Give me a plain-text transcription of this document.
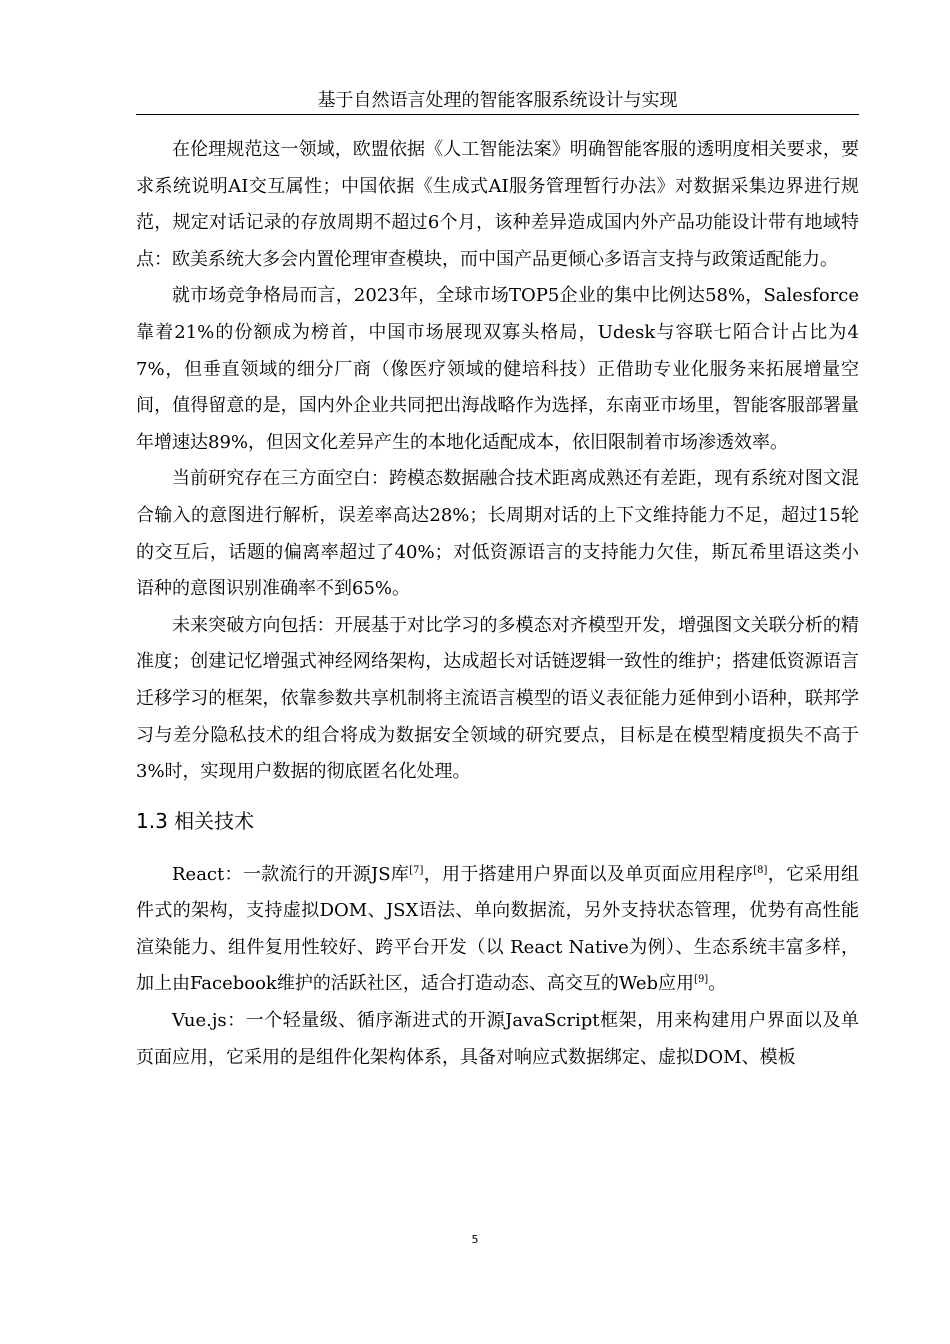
基于自然语言处理的智能客服系统设计与实现

在伦理规范这一领域，欧盟依据《人工智能法案》明确智能客服的透明度相关要求，要求系统说明AI交互属性；中国依据《生成式AI服务管理暂行办法》对数据采集边界进行规范，规定对话记录的存放周期不超过6个月，该种差异造成国内外产品功能设计带有地域特点：欧美系统大多会内置伦理审查模块，而中国产品更倾心多语言支持与政策适配能力。

就市场竞争格局而言，2023年，全球市场TOP5企业的集中比例达58%，Salesforce靠着21%的份额成为榜首，中国市场展现双寡头格局，Udesk与容联七陌合计占比为47%，但垂直领域的细分厂商（像医疗领域的健培科技）正借助专业化服务来拓展增量空间，值得留意的是，国内外企业共同把出海战略作为选择，东南亚市场里，智能客服部署量年增速达89%，但因文化差异产生的本地化适配成本，依旧限制着市场渗透效率。

当前研究存在三方面空白：跨模态数据融合技术距离成熟还有差距，现有系统对图文混合输入的意图进行解析，误差率高达28%；长周期对话的上下文维持能力不足，超过15轮的交互后，话题的偏离率超过了40%；对低资源语言的支持能力欠佳，斯瓦希里语这类小语种的意图识别准确率不到65%。

未来突破方向包括：开展基于对比学习的多模态对齐模型开发，增强图文关联分析的精准度；创建记忆增强式神经网络架构，达成超长对话链逻辑一致性的维护；搭建低资源语言迁移学习的框架，依靠参数共享机制将主流语言模型的语义表征能力延伸到小语种，联邦学习与差分隐私技术的组合将成为数据安全领域的研究要点，目标是在模型精度损失不高于3%时，实现用户数据的彻底匿名化处理。

1.3 相关技术

React：一款流行的开源JS库[7]，用于搭建用户界面以及单页面应用程序[8]，它采用组件式的架构，支持虚拟DOM、JSX语法、单向数据流，另外支持状态管理，优势有高性能渲染能力、组件复用性较好、跨平台开发（以 React Native为例）、生态系统丰富多样，加上由Facebook维护的活跃社区，适合打造动态、高交互的Web应用[9]。

Vue.js：一个轻量级、循序渐进式的开源JavaScript框架，用来构建用户界面以及单页面应用，它采用的是组件化架构体系，具备对响应式数据绑定、虚拟DOM、模板

5
